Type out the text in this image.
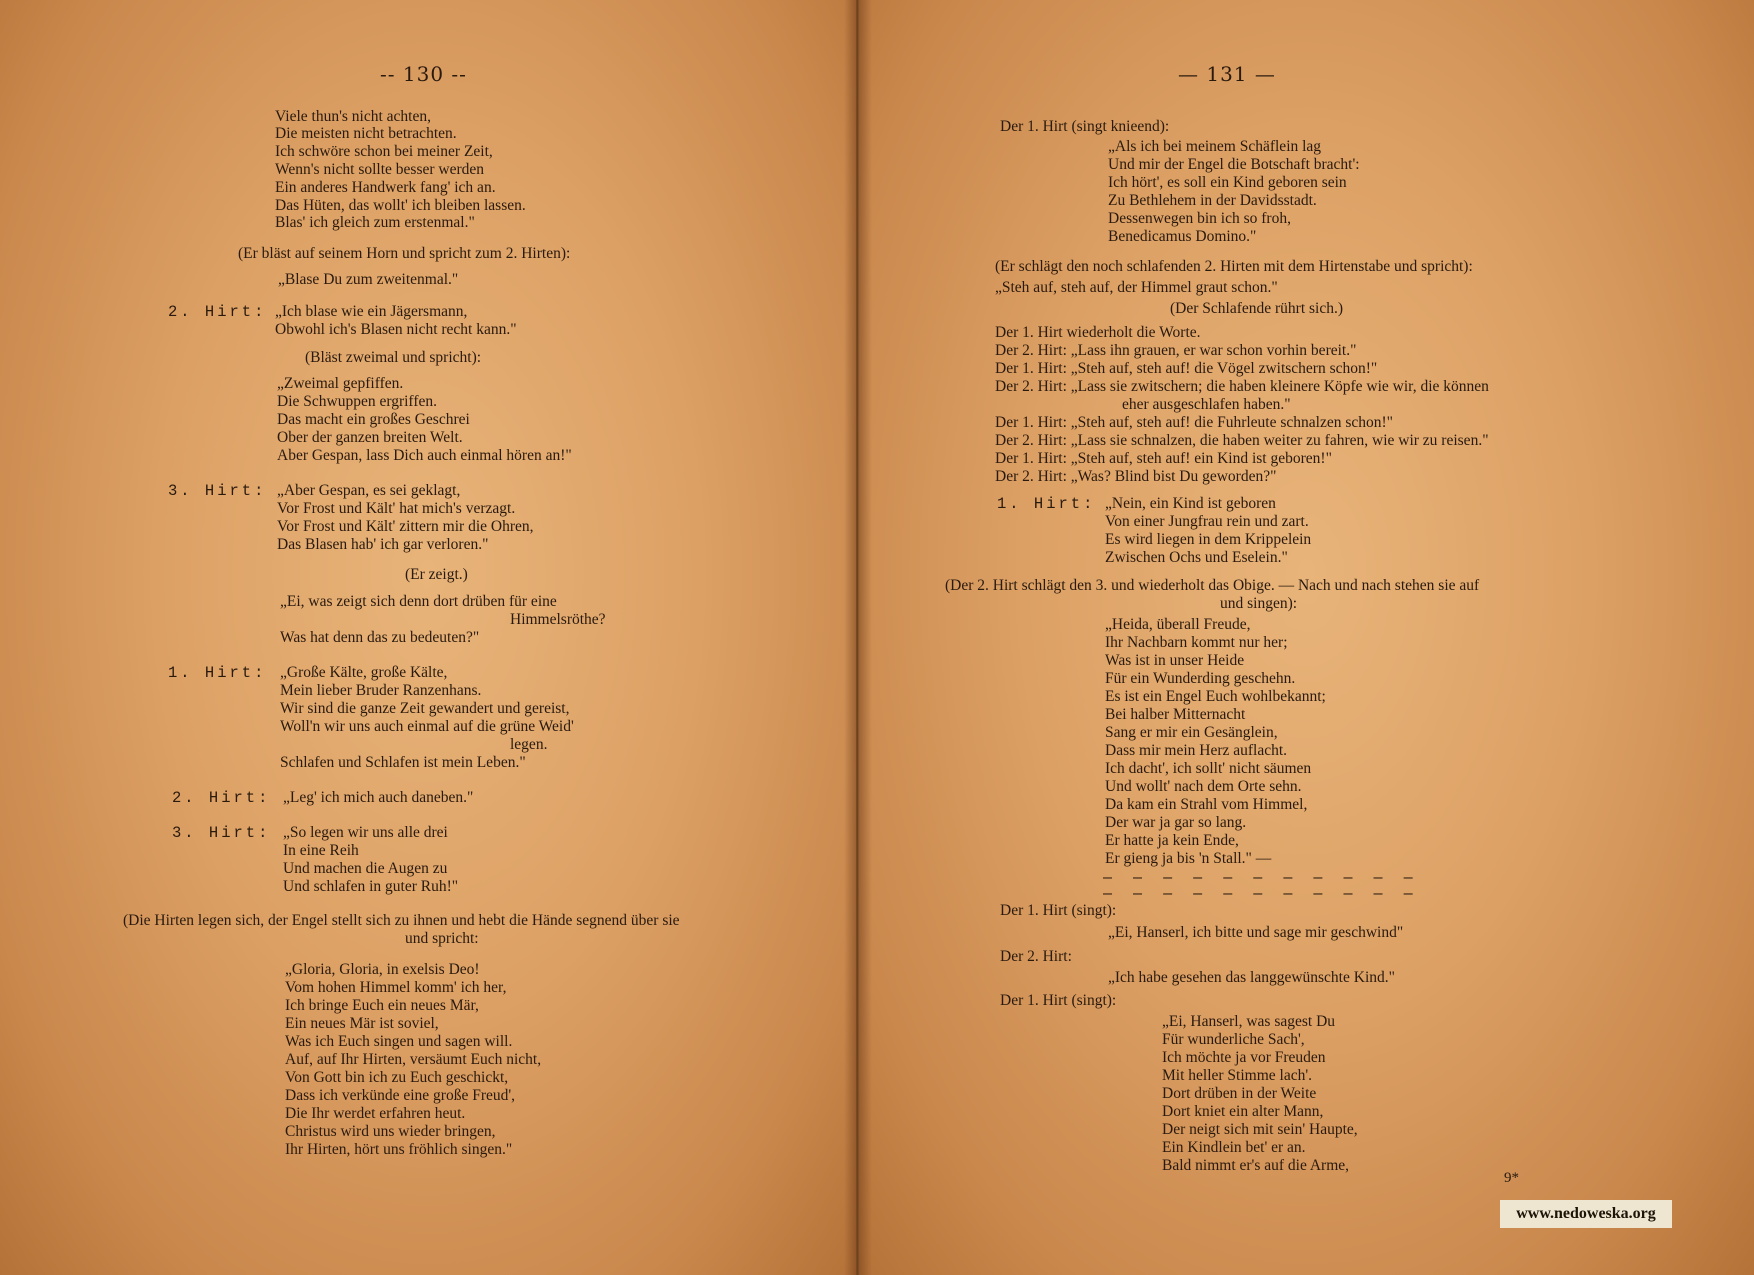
-- 130 --
Viele thun's nicht achten,
Die meisten nicht betrachten.
Ich schwöre schon bei meiner Zeit,
Wenn's nicht sollte besser werden
Ein anderes Handwerk fang' ich an.
Das Hüten, das wollt' ich bleiben lassen.
Blas' ich gleich zum erstenmal."
(Er bläst auf seinem Horn und spricht zum 2. Hirten):
„Blase Du zum zweitenmal."
„Ich blase wie ein Jägersmann,
Obwohl ich's Blasen nicht recht kann."
(Bläst zweimal und spricht):
„Zweimal gepfiffen.
Die Schwuppen ergriffen.
Das macht ein großes Geschrei
Ober der ganzen breiten Welt.
Aber Gespan, lass Dich auch einmal hören an!"
„Aber Gespan, es sei geklagt,
Vor Frost und Kält' hat mich's verzagt.
Vor Frost und Kält' zittern mir die Ohren,
Das Blasen hab' ich gar verloren."
(Er zeigt.)
„Ei, was zeigt sich denn dort drüben für eine
Himmelsröthe?
Was hat denn das zu bedeuten?"
„Große Kälte, große Kälte,
Mein lieber Bruder Ranzenhans.
Wir sind die ganze Zeit gewandert und gereist,
Woll'n wir uns auch einmal auf die grüne Weid'
legen.
Schlafen und Schlafen ist mein Leben."
„Leg' ich mich auch daneben."
„So legen wir uns alle drei
In eine Reih
Und machen die Augen zu
Und schlafen in guter Ruh!"
(Die Hirten legen sich, der Engel stellt sich zu ihnen und hebt die Hände segnend über sie
und spricht:
„Gloria, Gloria, in exelsis Deo!
Vom hohen Himmel komm' ich her,
Ich bringe Euch ein neues Mär,
Ein neues Mär ist soviel,
Was ich Euch singen und sagen will.
Auf, auf Ihr Hirten, versäumt Euch nicht,
Von Gott bin ich zu Euch geschickt,
Dass ich verkünde eine große Freud',
Die Ihr werdet erfahren heut.
Christus wird uns wieder bringen,
Ihr Hirten, hört uns fröhlich singen."
2. Hirt:
3. Hirt:
1. Hirt:
2. Hirt:
3. Hirt:
— 131 —
Der 1. Hirt (singt knieend):
„Als ich bei meinem Schäflein lag
Und mir der Engel die Botschaft bracht':
Ich hört', es soll ein Kind geboren sein
Zu Bethlehem in der Davidsstadt.
Dessenwegen bin ich so froh,
Benedicamus Domino."
(Er schlägt den noch schlafenden 2. Hirten mit dem Hirtenstabe und spricht):
„Steh auf, steh auf, der Himmel graut schon."
(Der Schlafende rührt sich.)
Der 1. Hirt wiederholt die Worte.
Der 2. Hirt: „Lass ihn grauen, er war schon vorhin bereit."
Der 1. Hirt: „Steh auf, steh auf! die Vögel zwitschern schon!"
Der 2. Hirt: „Lass sie zwitschern; die haben kleinere Köpfe wie wir, die können
eher ausgeschlafen haben."
Der 1. Hirt: „Steh auf, steh auf! die Fuhrleute schnalzen schon!"
Der 2. Hirt: „Lass sie schnalzen, die haben weiter zu fahren, wie wir zu reisen."
Der 1. Hirt: „Steh auf, steh auf! ein Kind ist geboren!"
Der 2. Hirt: „Was? Blind bist Du geworden?"
1. Hirt: „Nein, ein Kind ist geboren
Von einer Jungfrau rein und zart.
Es wird liegen in dem Krippelein
Zwischen Ochs und Eselein."
(Der 2. Hirt schlägt den 3. und wiederholt das Obige. — Nach und nach stehen sie auf
und singen):
„Heida, überall Freude,
Ihr Nachbarn kommt nur her;
Was ist in unser Heide
Für ein Wunderding geschehn.
Es ist ein Engel Euch wohlbekannt;
Bei halber Mitternacht
Sang er mir ein Gesänglein,
Dass mir mein Herz auflacht.
Ich dacht', ich sollt' nicht säumen
Und wollt' nach dem Orte sehn.
Da kam ein Strahl vom Himmel,
Der war ja gar so lang.
Er hatte ja kein Ende,
Er gieng ja bis 'n Stall." —
— — — — — — — — — — —
— — — — — — — — — — —
Der 1. Hirt (singt):
„Ei, Hanserl, ich bitte und sage mir geschwind"
Der 2. Hirt:
„Ich habe gesehen das langgewünschte Kind."
Der 1. Hirt (singt):
„Ei, Hanserl, was sagest Du
Für wunderliche Sach',
Ich möchte ja vor Freuden
Mit heller Stimme lach'.
Dort drüben in der Weite
Dort kniet ein alter Mann,
Der neigt sich mit sein' Haupte,
Ein Kindlein bet' er an.
Bald nimmt er's auf die Arme,
9*
www.nedoweska.org
